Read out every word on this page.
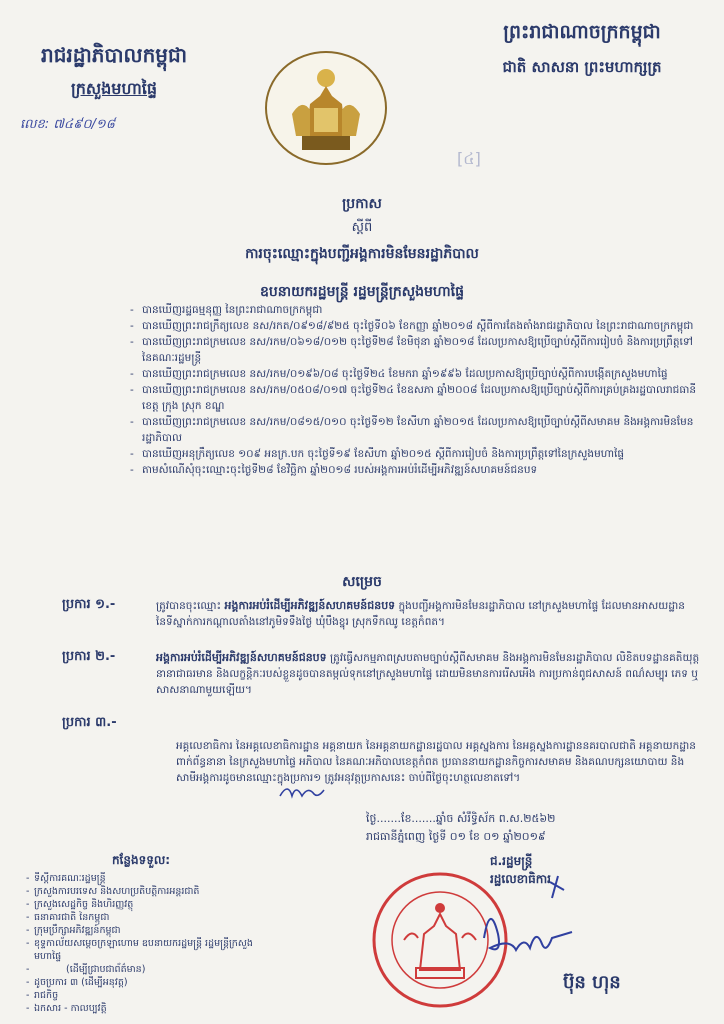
រាជរដ្ឋាភិបាលកម្ពុជា
ក្រសួងមហាផ្ទៃ
លេខ: ៧៤៩០/១៨
ព្រះរាជាណាចក្រកម្ពុជា
ជាតិ សាសនា ព្រះមហាក្សត្រ
[៤]
ប្រកាស
ស្តីពី
ការចុះឈ្មោះក្នុងបញ្ជីអង្គការមិនមែនរដ្ឋាភិបាល
ឧបនាយករដ្ឋមន្ត្រី រដ្ឋមន្ត្រីក្រសួងមហាផ្ទៃ
- បានឃើញរដ្ឋធម្មនុញ្ញ នៃព្រះរាជាណាចក្រកម្ពុជា
- បានឃើញព្រះរាជក្រឹត្យលេខ នស/រកត/០៩១៨/៩២៥ ចុះថ្ងៃទី០៦ ខែកញ្ញា ឆ្នាំ២០១៨ ស្តីពីការតែងតាំងរាជរដ្ឋាភិបាល នៃព្រះរាជាណាចក្រកម្ពុជា
- បានឃើញព្រះរាជក្រមលេខ នស/រកម/០៦១៨/០១២ ចុះថ្ងៃទី២៨ ខែមិថុនា ឆ្នាំ២០១៨ ដែលប្រកាសឱ្យប្រើច្បាប់ស្តីពីការរៀបចំ និងការប្រព្រឹត្តទៅ នៃគណៈរដ្ឋមន្ត្រី
- បានឃើញព្រះរាជក្រមលេខ នស/រកម/០១៩៦/០៨ ចុះថ្ងៃទី២៤ ខែមករា ឆ្នាំ១៩៩៦ ដែលប្រកាសឱ្យប្រើច្បាប់ស្តីពីការបង្កើតក្រសួងមហាផ្ទៃ
- បានឃើញព្រះរាជក្រមលេខ នស/រកម/០៥០៨/០១៧ ចុះថ្ងៃទី២៤ ខែឧសភា ឆ្នាំ២០០៨ ដែលប្រកាសឱ្យប្រើច្បាប់ស្តីពីការគ្រប់គ្រងរដ្ឋបាលរាជធានី ខេត្ត ក្រុង ស្រុក ខណ្ឌ
- បានឃើញព្រះរាជក្រមលេខ នស/រកម/០៨១៥/០១០ ចុះថ្ងៃទី១២ ខែសីហា ឆ្នាំ២០១៥ ដែលប្រកាសឱ្យប្រើច្បាប់ស្តីពីសមាគម និងអង្គការមិនមែនរដ្ឋាភិបាល
- បានឃើញអនុក្រឹត្យលេខ ១០៩ អនក្រ.បក ចុះថ្ងៃទី១៩ ខែសីហា ឆ្នាំ២០១៥ ស្តីពីការរៀបចំ និងការប្រព្រឹត្តទៅនៃក្រសួងមហាផ្ទៃ
- តាមសំណើសុំចុះឈ្មោះចុះថ្ងៃទី២៨ ខែវិច្ឆិកា ឆ្នាំ២០១៨ របស់អង្គការអប់រំដើម្បីអភិវឌ្ឍន៍សហគមន៍ជនបទ
សម្រេច
ប្រការ ១.-	ត្រូវបានចុះឈ្មោះ អង្គការអប់រំដើម្បីអភិវឌ្ឍន៍សហគមន៍ជនបទ ក្នុងបញ្ជីអង្គការមិនមែនរដ្ឋាភិបាល នៅក្រសួងមហាផ្ទៃ ដែលមានអាសយដ្ឋាន នៃទីស្នាក់ការកណ្តាលតាំងនៅភូមិទទឹងថ្ងៃ ឃុំបឹងខ្នុរ ស្រុកទឹកឈូ ខេត្តកំពត។
ប្រការ ២.-	អង្គការអប់រំដើម្បីអភិវឌ្ឍន៍សហគមន៍ជនបទ ត្រូវធ្វើសកម្មភាពស្របតាមច្បាប់ស្តីពីសមាគម និងអង្គការមិនមែនរដ្ឋាភិបាល លិខិតបទដ្ឋានគតិយុត្តនានាជាធរមាន និងលក្ខន្តិកៈរបស់ខ្លួនដូចបានតម្កល់ទុកនៅក្រសួងមហាផ្ទៃ ដោយមិនមានការរើសអើង ការប្រកាន់ពូជសាសន៍ ពណ៌សម្បុរ ភេទ ឬសាសនាណាមួយឡើយ។
ប្រការ ៣.-
អគ្គលេខាធិការ នៃអគ្គលេខាធិការដ្ឋាន អគ្គនាយក នៃអគ្គនាយកដ្ឋានរដ្ឋបាល អគ្គស្នងការ នៃអគ្គស្នងការដ្ឋាននគរបាលជាតិ អគ្គនាយកដ្ឋានពាក់ព័ន្ធនានា នៃក្រសួងមហាផ្ទៃ អភិបាល នៃគណៈអភិបាលខេត្តកំពត ប្រធាននាយកដ្ឋានកិច្ចការសមាគម និងគណបក្សនយោបាយ និងសាមីអង្គការដូចមានឈ្មោះក្នុងប្រការ១ ត្រូវអនុវត្តប្រកាសនេះ ចាប់ពីថ្ងៃចុះហត្ថលេខាតទៅ។
ថ្ងៃ.......ខែ.......ឆ្នាំច សំរឹទ្ធិស័ក ព.ស.២៥៦២
រាជធានីភ្នំពេញ ថ្ងៃទី ០១ ខែ ០១ ឆ្នាំ២០១៩
ជ.រដ្ឋមន្ត្រី
រដ្ឋលេខាធិការ
កន្លែងទទួល:
- ទីស្តីការគណៈរដ្ឋមន្ត្រី
- ក្រសួងការបរទេស និងសហប្រតិបត្តិការអន្តរជាតិ
- ក្រសួងសេដ្ឋកិច្ច និងហិរញ្ញវត្ថុ
- ធនាគារជាតិ នៃកម្ពុជា
- ក្រុមប្រឹក្សាអភិវឌ្ឍន៍កម្ពុជា
- ខុទ្ទកាល័យសម្តេចក្រឡាហោម ឧបនាយករដ្ឋមន្ត្រី រដ្ឋមន្ត្រីក្រសួងមហាផ្ទៃ
- (ដើម្បីជ្រាបជាព័ត៌មាន)
- ដូចប្រការ ៣ (ដើម្បីអនុវត្ត)
- រាជកិច្ច
- ឯកសារ - កាលប្បវត្តិ
ប៊ុន ហុន
